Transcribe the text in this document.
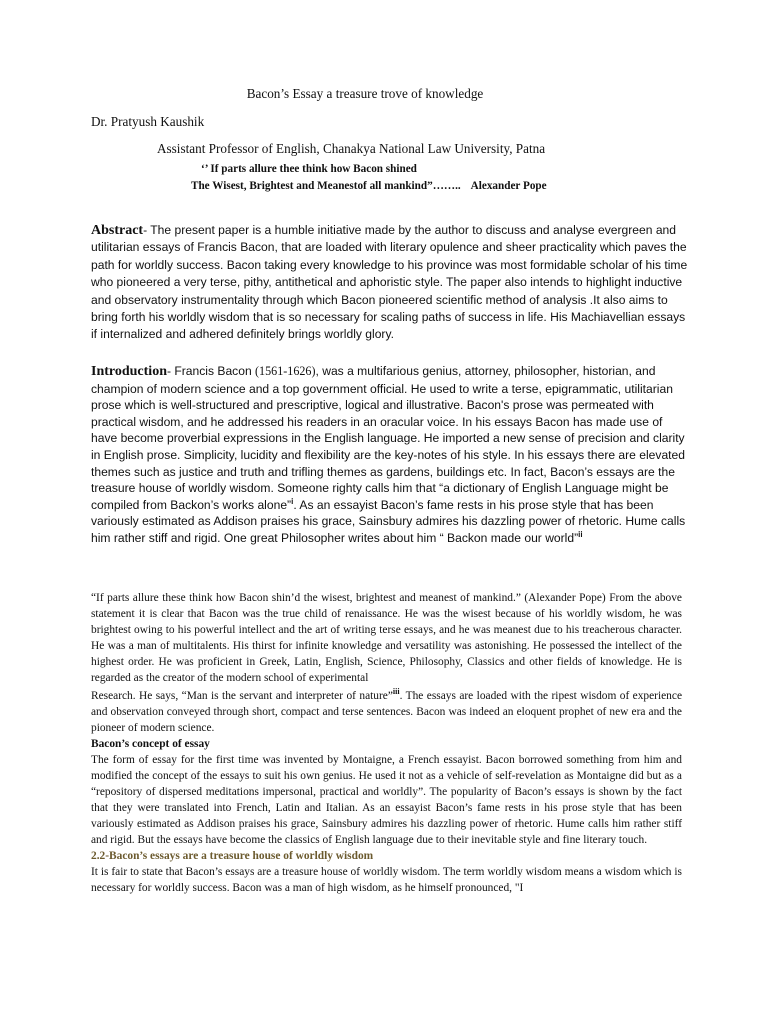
Bacon’s Essay a treasure trove of knowledge
Dr. Pratyush Kaushik
Assistant Professor of English, Chanakya National Law University, Patna
‘’ If parts allure thee think how Bacon shined
The Wisest, Brightest and Meanestof all mankind”…….. Alexander Pope
Abstract- The present paper is a humble initiative made by the author to discuss and analyse evergreen and utilitarian essays of Francis Bacon, that are loaded with literary opulence and sheer practicality which paves the path for worldly success. Bacon taking every knowledge to his province was most formidable scholar of his time who pioneered a very terse, pithy, antithetical and aphoristic style. The paper also intends to highlight inductive and observatory instrumentality through which Bacon pioneered scientific method of analysis .It also aims to bring forth his worldly wisdom that is so necessary for scaling paths of success in life. His Machiavellian essays if internalized and adhered definitely brings worldly glory.
Introduction- Francis Bacon (1561-1626), was a multifarious genius, attorney, philosopher, historian, and champion of modern science and a top government official. He used to write a terse, epigrammatic, utilitarian prose which is well-structured and prescriptive, logical and illustrative. Bacon's prose was permeated with practical wisdom, and he addressed his readers in an oracular voice. In his essays Bacon has made use of have become proverbial expressions in the English language. He imported a new sense of precision and clarity in English prose. Simplicity, lucidity and flexibility are the key-notes of his style. In his essays there are elevated themes such as justice and truth and trifling themes as gardens, buildings etc. In fact, Bacon’s essays are the treasure house of worldly wisdom. Someone righty calls him that “a dictionary of English Language might be compiled from Backon’s works alone”$^i$. As an essayist Bacon’s fame rests in his prose style that has been variously estimated as Addison praises his grace, Sainsbury admires his dazzling power of rhetoric. Hume calls him rather stiff and rigid. One great Philosopher writes about him “ Backon made our world”$^{ii}$

“If parts allure these think how Bacon shin’d the wisest, brightest and meanest of mankind.” (Alexander Pope) From the above statement it is clear that Bacon was the true child of renaissance. He was the wisest because of his worldly wisdom, he was brightest owing to his powerful intellect and the art of writing terse essays, and he was meanest due to his treacherous character. He was a man of multitalents. His thirst for infinite knowledge and versatility was astonishing. He possessed the intellect of the highest order. He was proficient in Greek, Latin, English, Science, Philosophy, Classics and other fields of knowledge. He is regarded as the creator of the modern school of experimental

Research. He says, “Man is the servant and interpreter of nature”$^{iii}$. The essays are loaded with the ripest wisdom of experience and observation conveyed through short, compact and terse sentences. Bacon was indeed an eloquent prophet of new era and the pioneer of modern science.

Bacon’s concept of essay

The form of essay for the first time was invented by Montaigne, a French essayist. Bacon borrowed something from him and modified the concept of the essays to suit his own genius. He used it not as a vehicle of self-revelation as Montaigne did but as a “repository of dispersed meditations impersonal, practical and worldly”. The popularity of Bacon’s essays is shown by the fact that they were translated into French, Latin and Italian. As an essayist Bacon’s fame rests in his prose style that has been variously estimated as Addison praises his grace, Sainsbury admires his dazzling power of rhetoric. Hume calls him rather stiff and rigid. But the essays have become the classics of English language due to their inevitable style and fine literary touch.

2.2-Bacon’s essays are a treasure house of worldly wisdom

It is fair to state that Bacon’s essays are a treasure house of worldly wisdom. The term worldly wisdom means a wisdom which is necessary for worldly success. Bacon was a man of high wisdom, as he himself pronounced, "I
